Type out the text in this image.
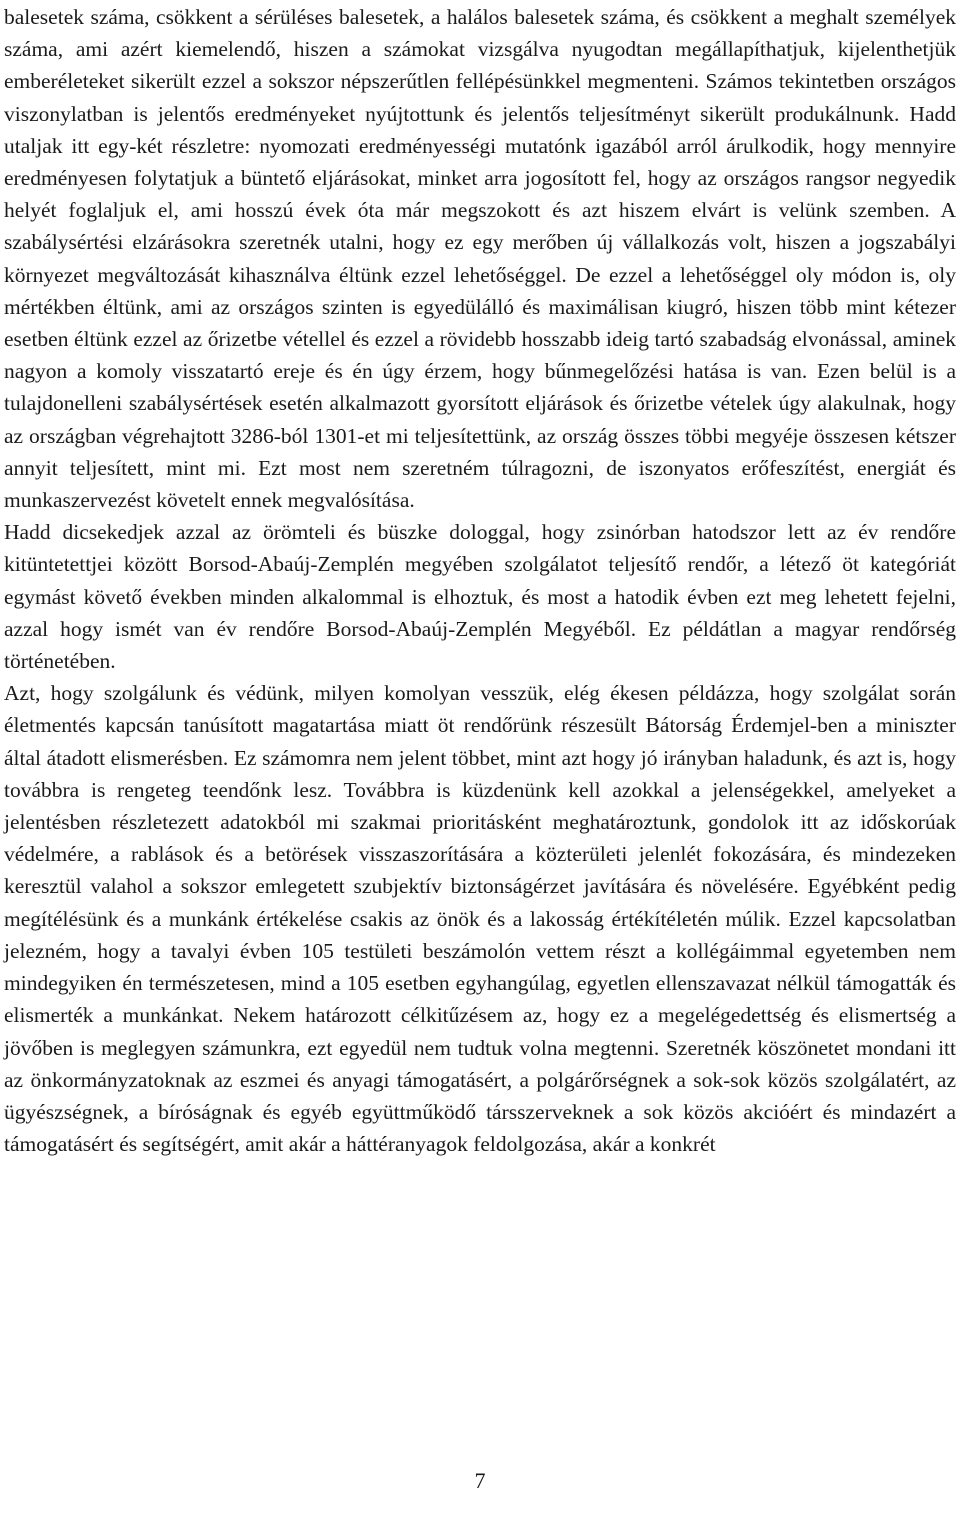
balesetek száma, csökkent a sérüléses balesetek, a halálos balesetek száma, és csökkent a meghalt személyek száma, ami azért kiemelendő, hiszen a számokat vizsgálva nyugodtan megállapíthatjuk, kijelenthetjük emberéleteket sikerült ezzel a sokszor népszerűtlen fellépésünkkel megmenteni. Számos tekintetben országos viszonylatban is jelentős eredményeket nyújtottunk és jelentős teljesítményt sikerült produkálnunk. Hadd utaljak itt egy-két részletre: nyomozati eredményességi mutatónk igazából arról árulkodik, hogy mennyire eredményesen folytatjuk a büntető eljárásokat, minket arra jogosított fel, hogy az országos rangsor negyedik helyét foglaljuk el, ami hosszú évek óta már megszokott és azt hiszem elvárt is velünk szemben. A szabálysértési elzárásokra szeretnék utalni, hogy ez egy merőben új vállalkozás volt, hiszen a jogszabályi környezet megváltozását kihasználva éltünk ezzel lehetőséggel. De ezzel a lehetőséggel oly módon is, oly mértékben éltünk, ami az országos szinten is egyedülálló és maximálisan kiugró, hiszen több mint kétezer esetben éltünk ezzel az őrizetbe vétellel és ezzel a rövidebb hosszabb ideig tartó szabadság elvonással, aminek nagyon a komoly visszatartó ereje és én úgy érzem, hogy bűnmegelőzési hatása is van. Ezen belül is a tulajdonelleni szabálysértések esetén alkalmazott gyorsított eljárások és őrizetbe vételek úgy alakulnak, hogy az országban végrehajtott 3286-ból 1301-et mi teljesítettünk, az ország összes többi megyéje összesen kétszer annyit teljesített, mint mi. Ezt most nem szeretném túlragozni, de iszonyatos erőfeszítést, energiát és munkaszervezést követelt ennek megvalósítása.

Hadd dicsekedjek azzal az örömteli és büszke dologgal, hogy zsinórban hatodszor lett az év rendőre kitüntetettjei között Borsod-Abaúj-Zemplén megyében szolgálatot teljesítő rendőr, a létező öt kategóriát egymást követő években minden alkalommal is elhoztuk, és most a hatodik évben ezt meg lehetett fejelni, azzal hogy ismét van év rendőre Borsod-Abaúj-Zemplén Megyéből. Ez példátlan a magyar rendőrség történetében.

Azt, hogy szolgálunk és védünk, milyen komolyan vesszük, elég ékesen példázza, hogy szolgálat során életmentés kapcsán tanúsított magatartása miatt öt rendőrünk részesült Bátorság Érdemjel-ben a miniszter által átadott elismerésben. Ez számomra nem jelent többet, mint azt hogy jó irányban haladunk, és azt is, hogy továbbra is rengeteg teendőnk lesz. Továbbra is küzdenünk kell azokkal a jelenségekkel, amelyeket a jelentésben részletezett adatokból mi szakmai prioritásként meghatároztunk, gondolok itt az időskorúak védelmére, a rablások és a betörések visszaszorítására a közterületi jelenlét fokozására, és mindezeken keresztül valahol a sokszor emlegetett szubjektív biztonságérzet javítására és növelésére. Egyébként pedig megítélésünk és a munkánk értékelése csakis az önök és a lakosság értékítéletén múlik. Ezzel kapcsolatban jelezném, hogy a tavalyi évben 105 testületi beszámolón vettem részt a kollégáimmal egyetemben nem mindegyiken én természetesen, mind a 105 esetben egyhangúlag, egyetlen ellenszavazat nélkül támogatták és elismerték a munkánkat. Nekem határozott célkitűzésem az, hogy ez a megelégedettség és elismertség a jövőben is meglegyen számunkra, ezt egyedül nem tudtuk volna megtenni. Szeretnék köszönetet mondani itt az önkormányzatoknak az eszmei és anyagi támogatásért, a polgárőrségnek a sok-sok közös szolgálatért, az ügyészségnek, a bíróságnak és egyéb együttműködő társszerveknek a sok közös akcióért és mindazért a támogatásért és segítségért, amit akár a háttéranyagok feldolgozása, akár a konkrét

7
